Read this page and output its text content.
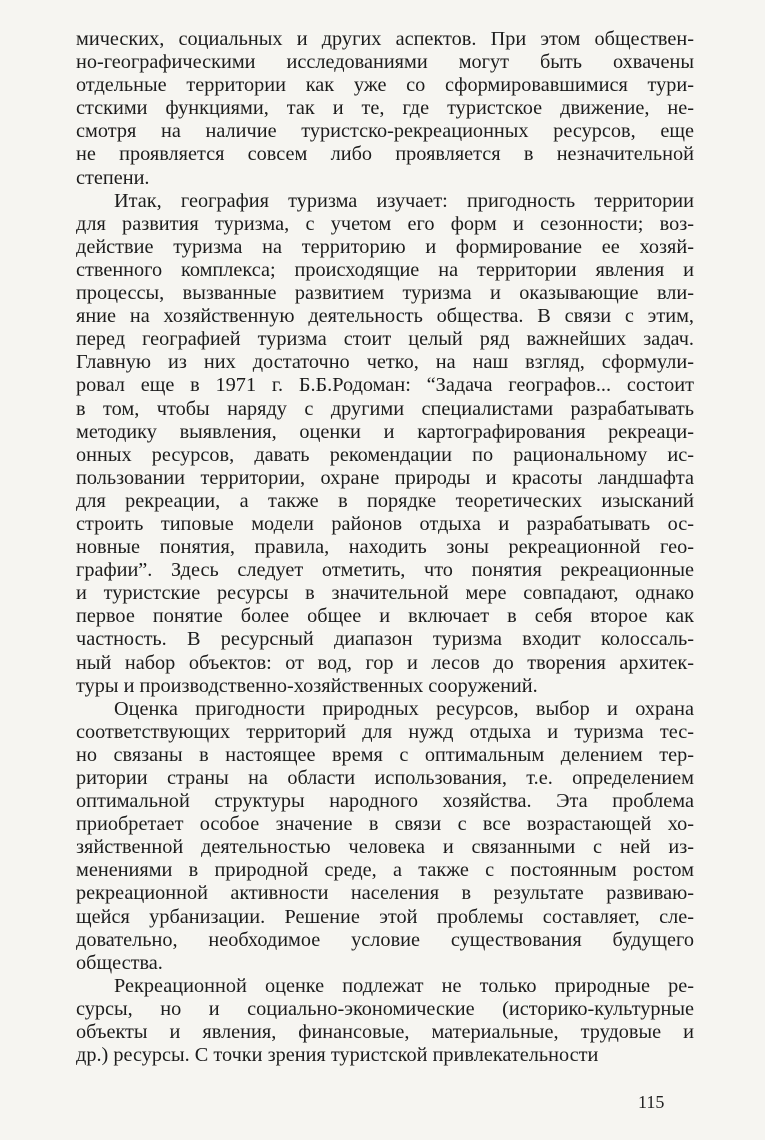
мических, социальных и других аспектов. При этом обществен-
но-географическими исследованиями могут быть охвачены
отдельные территории как уже со сформировавшимися тури-
стскими функциями, так и те, где туристское движение, не-
смотря на наличие туристско-рекреационных ресурсов, еще
не проявляется совсем либо проявляется в незначительной
степени.
Итак, география туризма изучает: пригодность территории
для развития туризма, с учетом его форм и сезонности; воз-
действие туризма на территорию и формирование ее хозяй-
ственного комплекса; происходящие на территории явления и
процессы, вызванные развитием туризма и оказывающие вли-
яние на хозяйственную деятельность общества. В связи с этим,
перед географией туризма стоит целый ряд важнейших задач.
Главную из них достаточно четко, на наш взгляд, сформули-
ровал еще в 1971 г. Б.Б.Родоман: “Задача географов... состоит
в том, чтобы наряду с другими специалистами разрабатывать
методику выявления, оценки и картографирования рекреаци-
онных ресурсов, давать рекомендации по рациональному ис-
пользовании территории, охране природы и красоты ландшафта
для рекреации, а также в порядке теоретических изысканий
строить типовые модели районов отдыха и разрабатывать ос-
новные понятия, правила, находить зоны рекреационной гео-
графии”. Здесь следует отметить, что понятия рекреационные
и туристские ресурсы в значительной мере совпадают, однако
первое понятие более общее и включает в себя второе как
частность. В ресурсный диапазон туризма входит колоссаль-
ный набор объектов: от вод, гор и лесов до творения архитек-
туры и производственно-хозяйственных сооружений.
Оценка пригодности природных ресурсов, выбор и охрана
соответствующих территорий для нужд отдыха и туризма тес-
но связаны в настоящее время с оптимальным делением тер-
ритории страны на области использования, т.е. определением
оптимальной структуры народного хозяйства. Эта проблема
приобретает особое значение в связи с все возрастающей хо-
зяйственной деятельностью человека и связанными с ней из-
менениями в природной среде, а также с постоянным ростом
рекреационной активности населения в результате развиваю-
щейся урбанизации. Решение этой проблемы составляет, сле-
довательно, необходимое условие существования будущего
общества.
Рекреационной оценке подлежат не только природные ре-
сурсы, но и социально-экономические (историко-культурные
объекты и явления, финансовые, материальные, трудовые и
др.) ресурсы. С точки зрения туристской привлекательности
115
